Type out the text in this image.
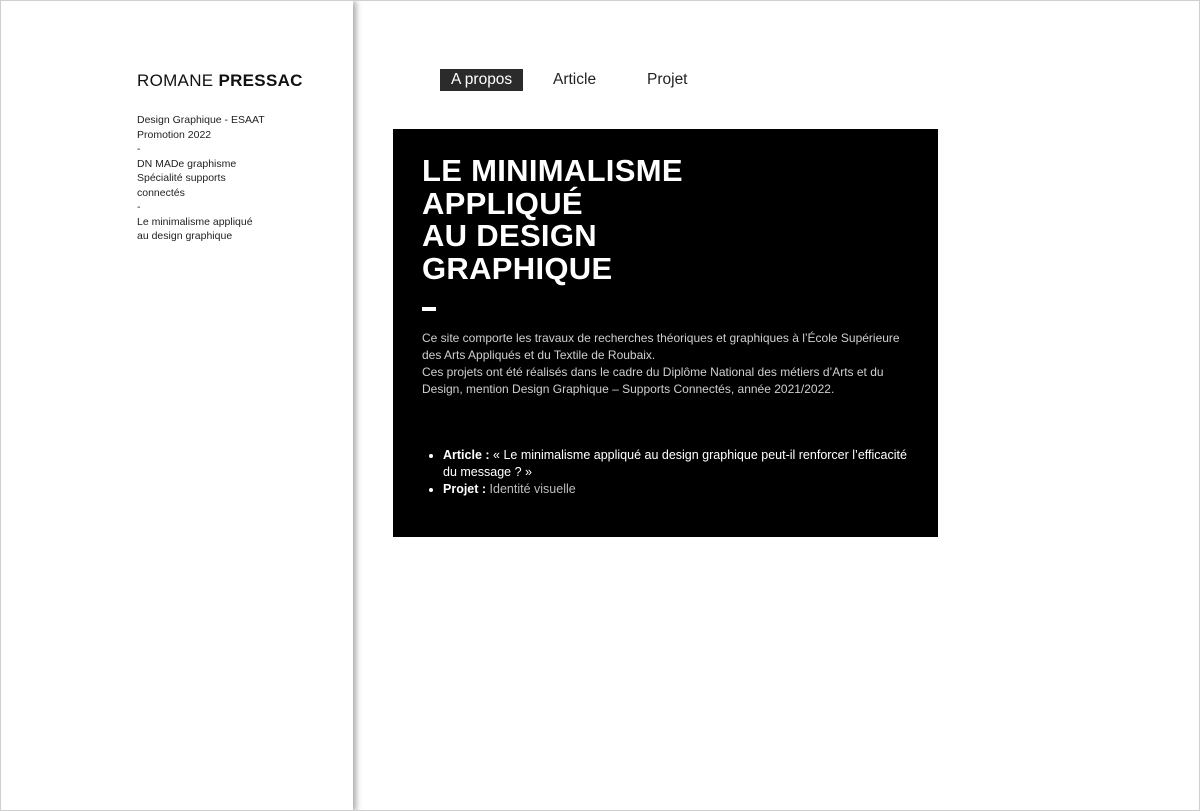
ROMANE PRESSAC
Design Graphique - ESAAT
Promotion 2022
-
DN MADe graphisme
Spécialité supports
connectés
-
Le minimalisme appliqué
au design graphique
A propos	Article	Projet
LE MINIMALISME
APPLIQUÉ
AU DESIGN
GRAPHIQUE

Ce site comporte les travaux de recherches théoriques et graphiques à l’École Supérieure des Arts Appliqués et du Textile de Roubaix.

Ces projets ont été réalisés dans le cadre du Diplôme National des métiers d’Arts et du Design, mention Design Graphique – Supports Connectés, année 2021/2022.

• Article : « Le minimalisme appliqué au design graphique peut-il renforcer l’efficacité du message ? »
• Projet : Identité visuelle
